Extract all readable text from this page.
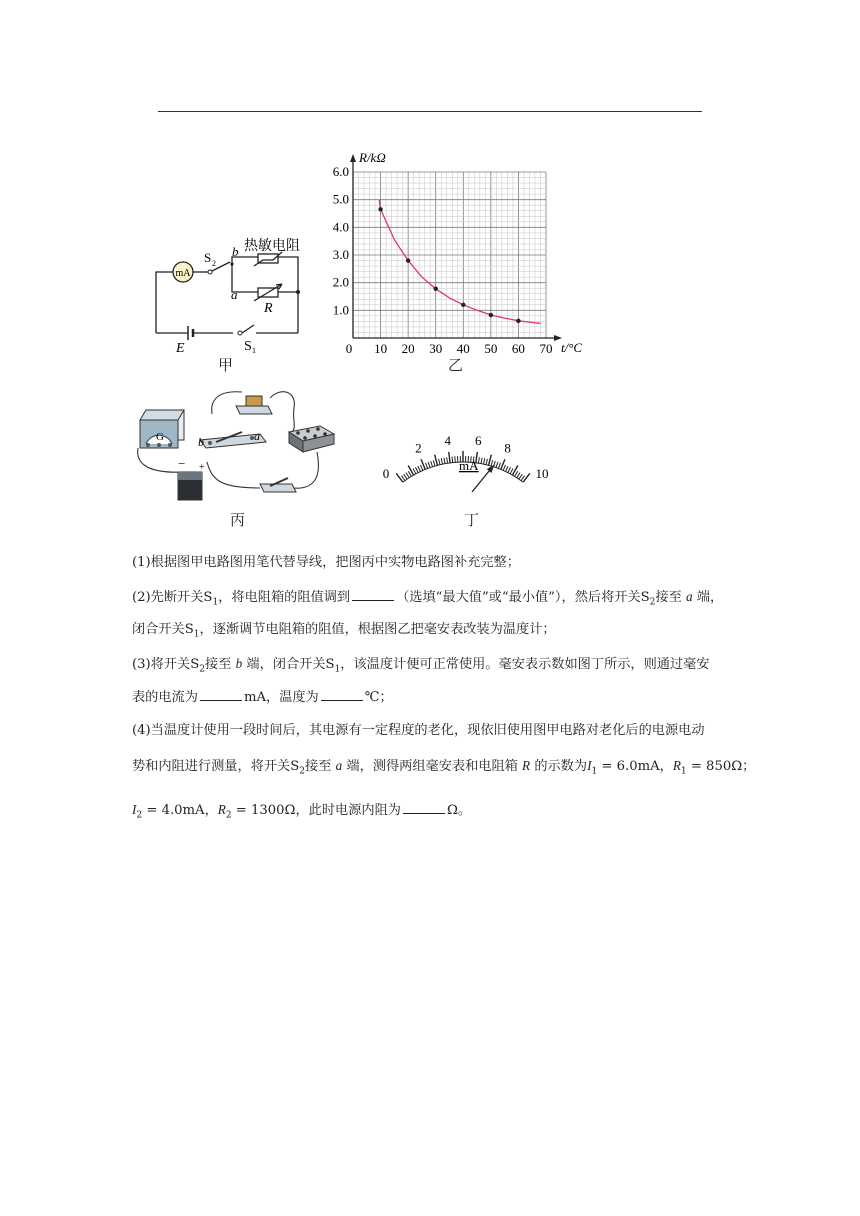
mA
S 2
b
a
热敏电阻
R
E	S 1
甲
1.0
2.0
3.0
4.0
5.0
6.0
0 10 20 30 40 50 60 70
R/kΩ
t/°C
乙
G	b	a
− +
丙
0
2
4 6
8
10
mA
丁
(1)根据图甲电路图用笔代替导线，把图丙中实物电路图补充完整；
(2)先断开关$S_1$，将电阻箱的阻值调到	（选填“最大值”或“最小值”），然后将开关$S_2$接至 a 端，
闭合开关$S_1$，逐渐调节电阻箱的阻值，根据图乙把毫安表改装为温度计；
(3)将开关$S_2$接至 b 端，闭合开关$S_1$，该温度计便可正常使用。毫安表示数如图丁所示，则通过毫安
表的电流为	mA，温度为	℃；
(4)当温度计使用一段时间后，其电源有一定程度的老化，现依旧使用图甲电路对老化后的电源电动
势和内阻进行测量，将开关$S_2$接至 a 端，测得两组毫安表和电阻箱 R 的示数为$I_1 = 6.0mA$，$R_1 = 850\Omega$；
$I_2 = 4.0mA$，$R_2 = 1300\Omega$，此时电源内阻为	Ω。
